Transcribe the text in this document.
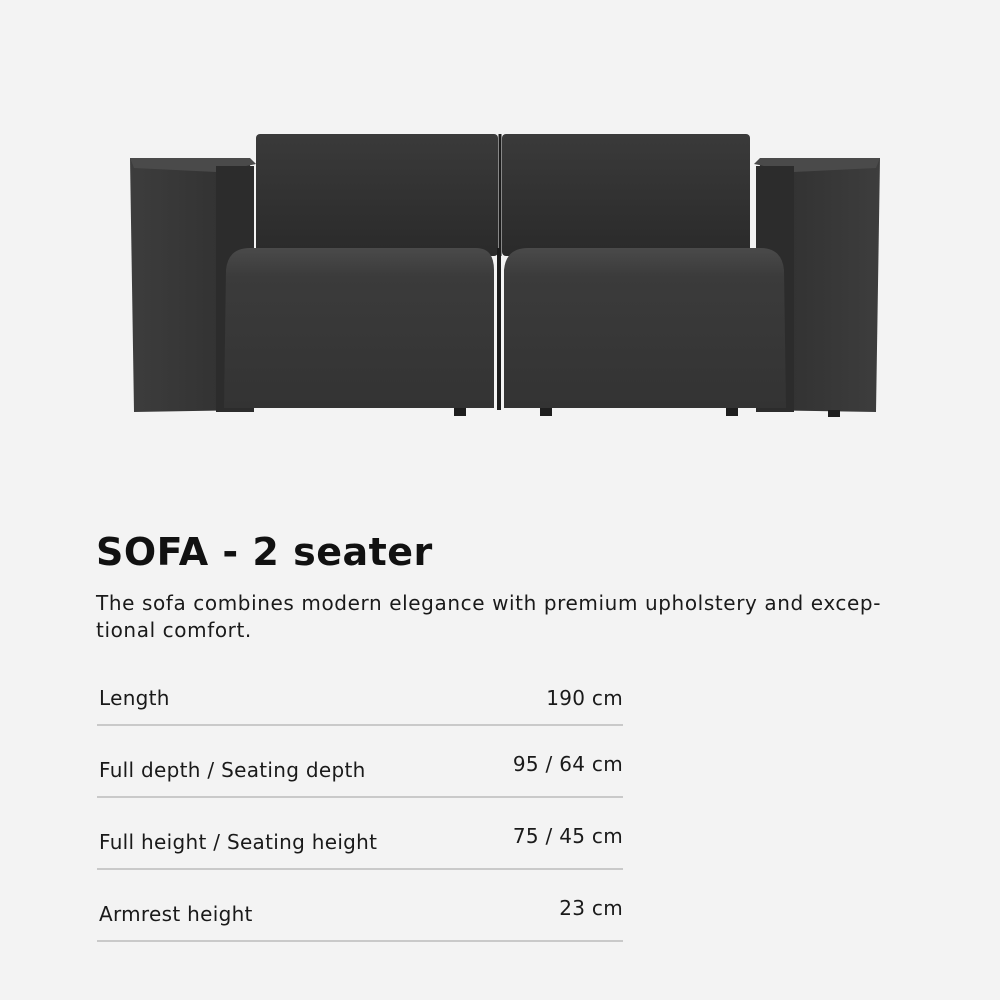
SOFA - 2 seater

The sofa combines modern elegance with premium upholstery and excep-
tional comfort.

Length	190 cm
Full depth / Seating depth	95 / 64 cm
Full height / Seating height	75 / 45 cm
Armrest height	23 cm
